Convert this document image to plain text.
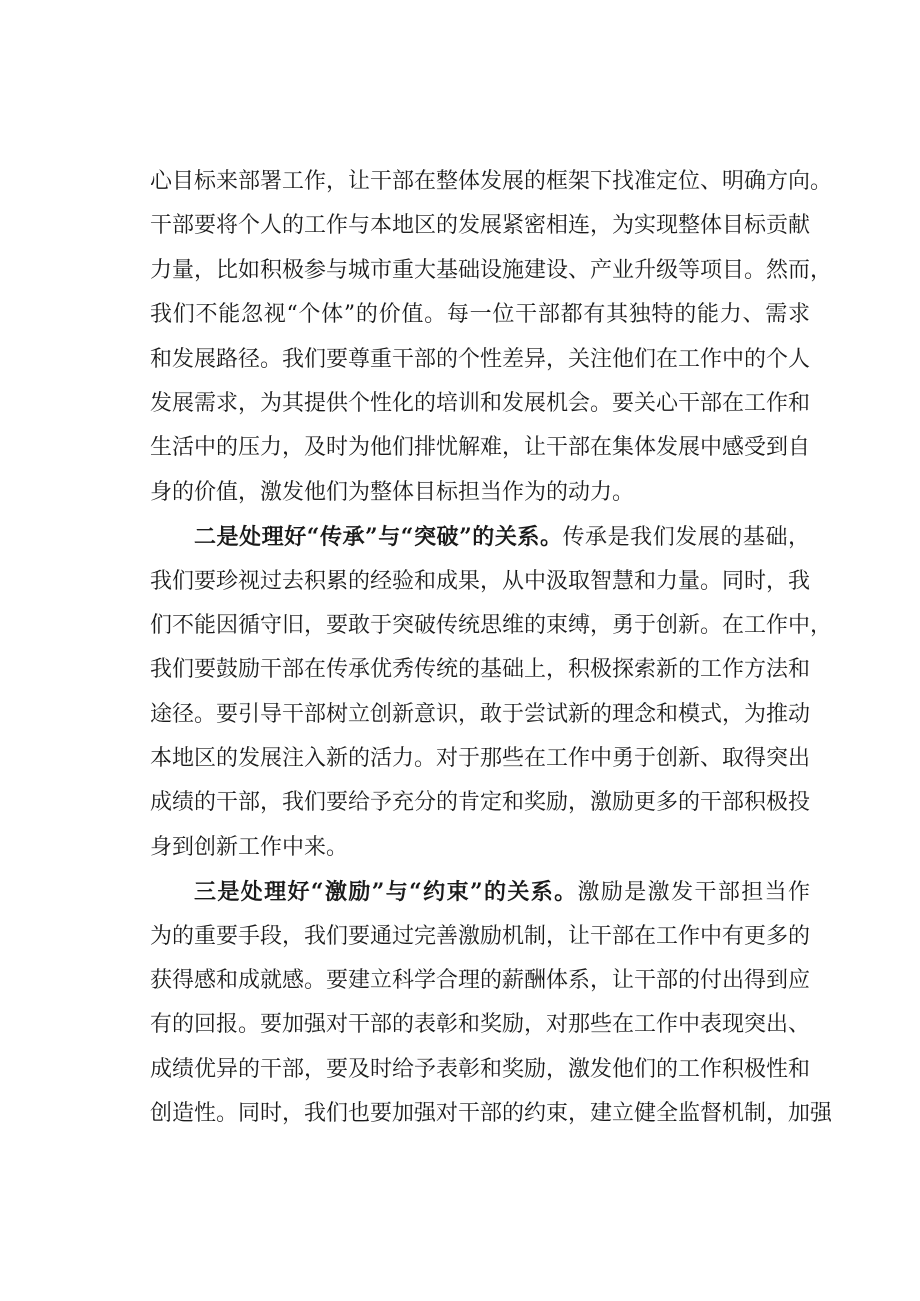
心目标来部署工作，让干部在整体发展的框架下找准定位、明确方向。
干部要将个人的工作与本地区的发展紧密相连，为实现整体目标贡献
力量，比如积极参与城市重大基础设施建设、产业升级等项目。然而，
我们不能忽视“个体”的价值。每一位干部都有其独特的能力、需求
和发展路径。我们要尊重干部的个性差异，关注他们在工作中的个人
发展需求，为其提供个性化的培训和发展机会。要关心干部在工作和
生活中的压力，及时为他们排忧解难，让干部在集体发展中感受到自
身的价值，激发他们为整体目标担当作为的动力。
二是处理好“传承”与“突破”的关系。传承是我们发展的基础，
我们要珍视过去积累的经验和成果，从中汲取智慧和力量。同时，我
们不能因循守旧，要敢于突破传统思维的束缚，勇于创新。在工作中，
我们要鼓励干部在传承优秀传统的基础上，积极探索新的工作方法和
途径。要引导干部树立创新意识，敢于尝试新的理念和模式，为推动
本地区的发展注入新的活力。对于那些在工作中勇于创新、取得突出
成绩的干部，我们要给予充分的肯定和奖励，激励更多的干部积极投
身到创新工作中来。
三是处理好“激励”与“约束”的关系。激励是激发干部担当作
为的重要手段，我们要通过完善激励机制，让干部在工作中有更多的
获得感和成就感。要建立科学合理的薪酬体系，让干部的付出得到应
有的回报。要加强对干部的表彰和奖励，对那些在工作中表现突出、
成绩优异的干部，要及时给予表彰和奖励，激发他们的工作积极性和
创造性。同时，我们也要加强对干部的约束，建立健全监督机制，加强
